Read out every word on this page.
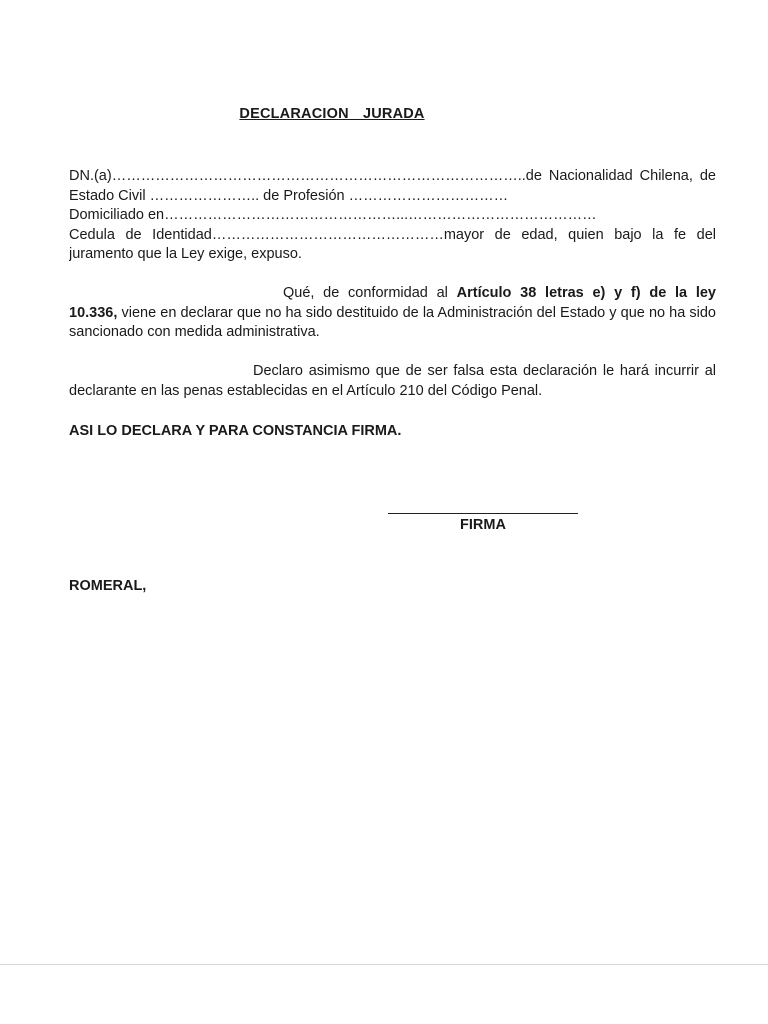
DECLARACION JURADA
DN.(a)…………………………………………………………………………..de Nacionalidad Chilena, de
Estado Civil ………………….. de Profesión ……………………………
Domiciliado en…………………………………………...…………………………………
Cedula de Identidad…………………………………………mayor de edad, quien bajo la fe del
juramento que la Ley exige, expuso.
Qué, de conformidad al Artículo 38 letras e) y f) de la ley
10.336, viene en declarar que no ha sido destituido de la Administración del Estado y que no ha sido sancionado con medida administrativa.
Declaro asimismo que de ser falsa esta declaración le hará incurrir al
declarante en las penas establecidas en el Artículo 210 del Código Penal.
ASI LO DECLARA Y PARA CONSTANCIA FIRMA.
FIRMA
ROMERAL,
